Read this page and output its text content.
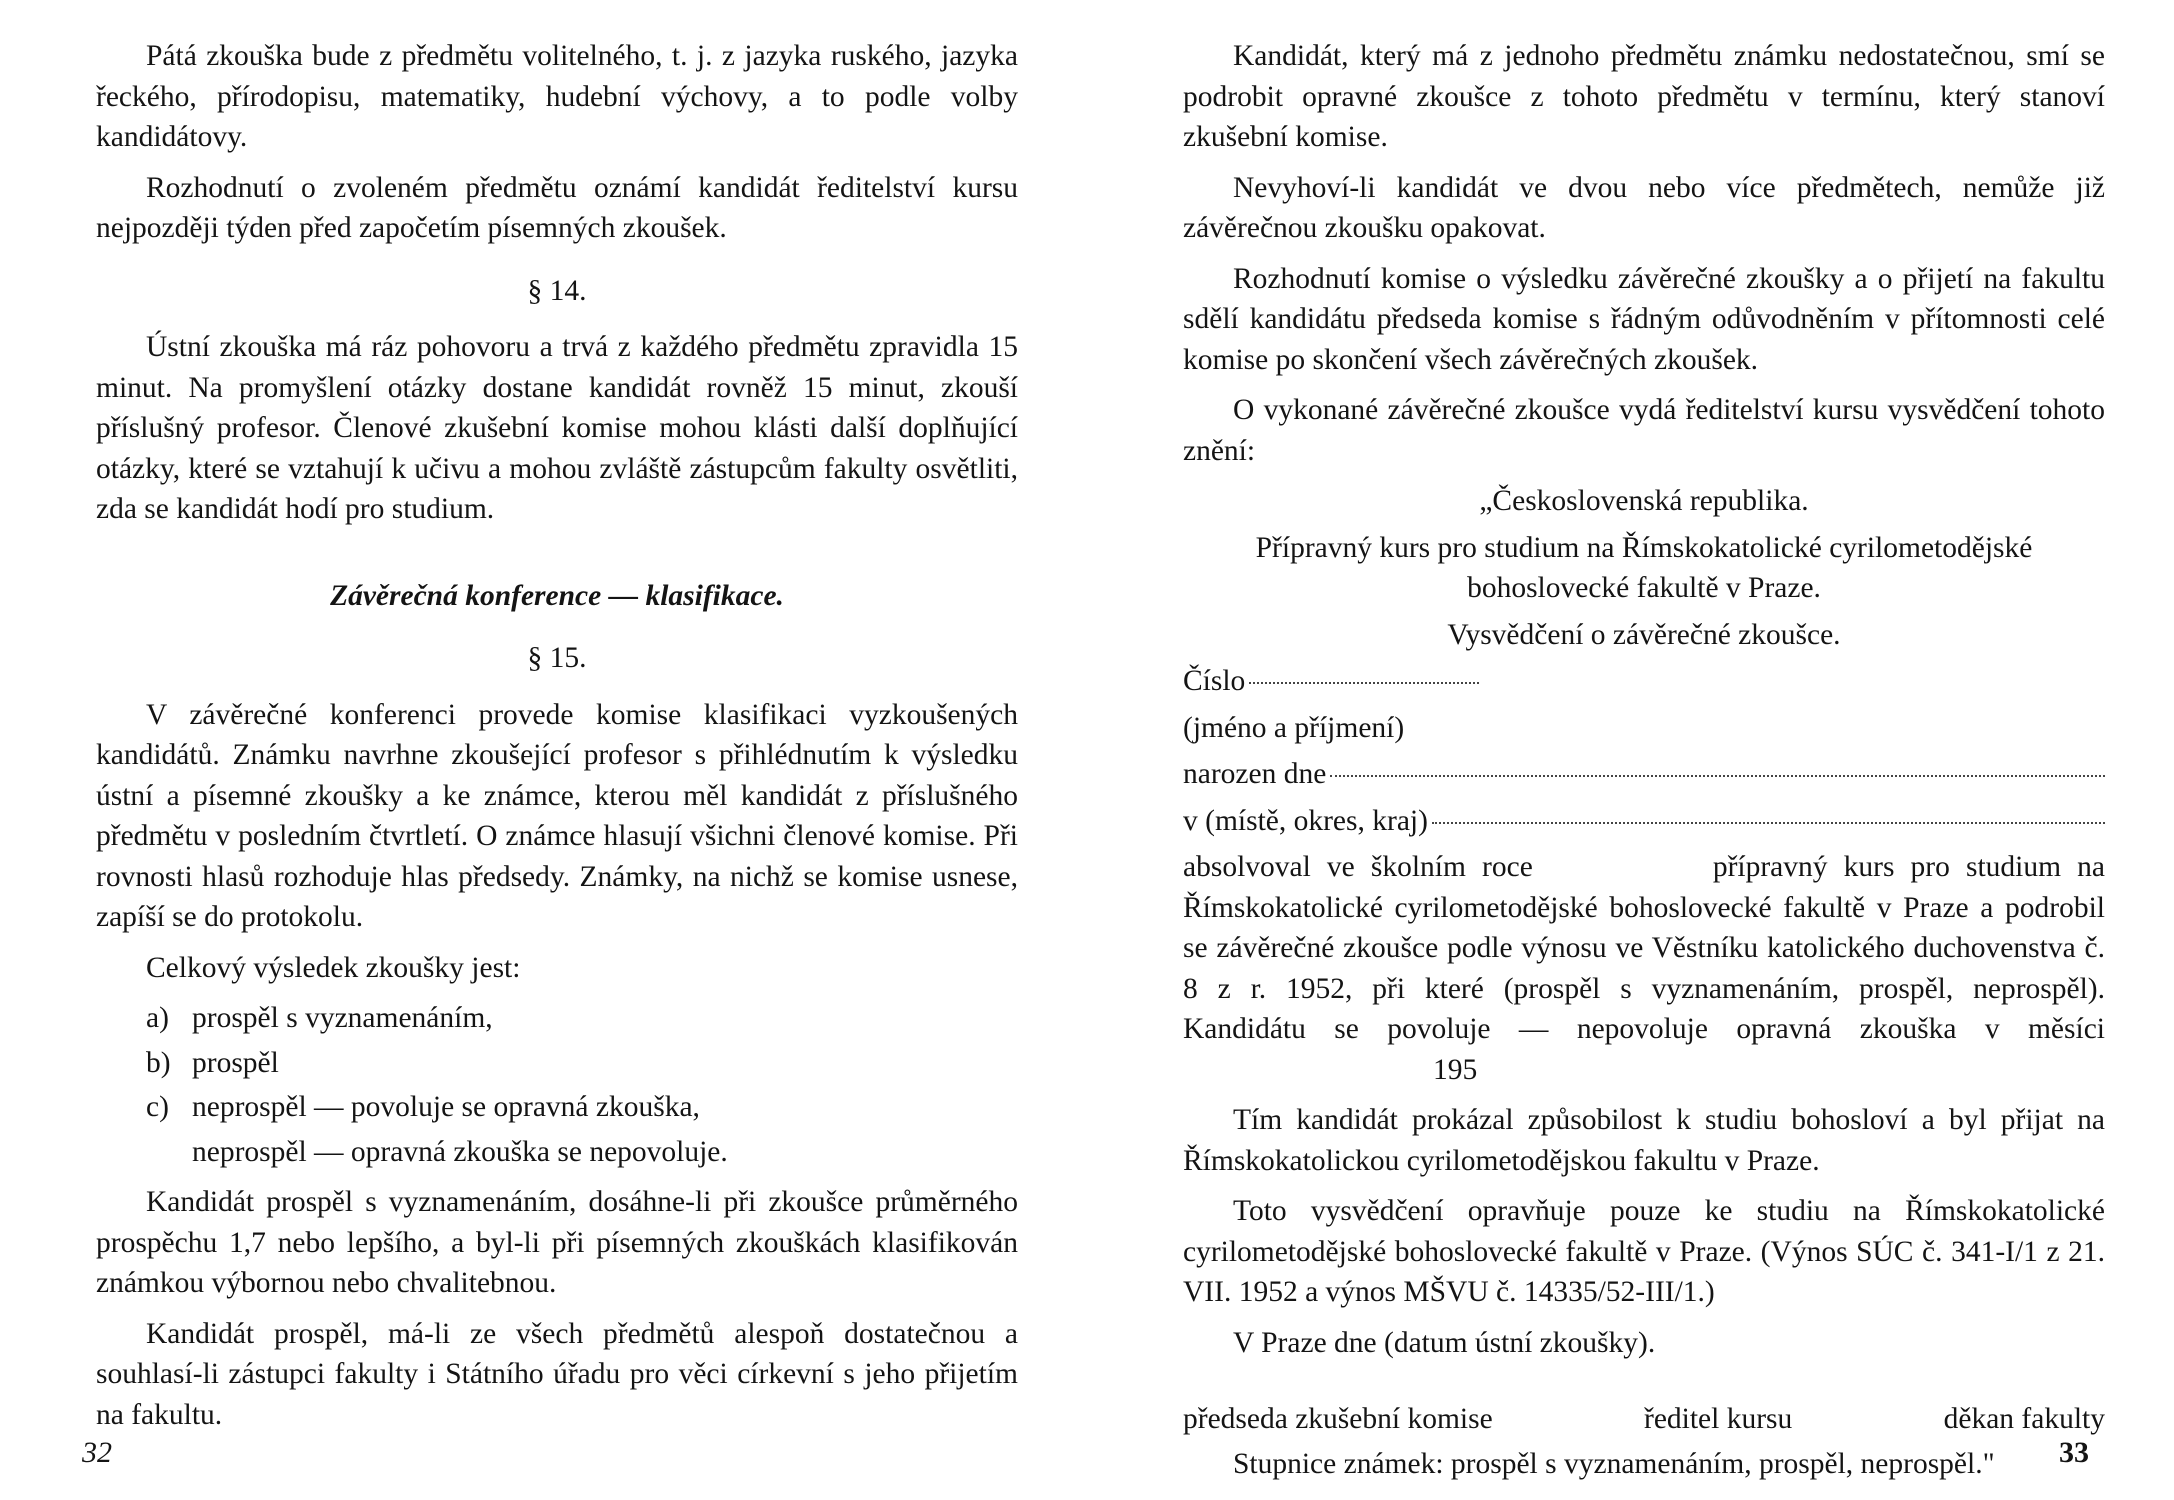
Pátá zkouška bude z předmětu volitelného, t. j. z jazyka ruského, jazyka řeckého, přírodopisu, matematiky, hudební výchovy, a to podle volby kandidátovy.

Rozhodnutí o zvoleném předmětu oznámí kandidát ředitelství kursu nejpozději týden před započetím písemných zkoušek.

§ 14.

Ústní zkouška má ráz pohovoru a trvá z každého předmětu zpravidla 15 minut. Na promyšlení otázky dostane kandidát rovněž 15 minut, zkouší příslušný profesor. Členové zkušební komise mohou klásti další doplňující otázky, které se vztahují k učivu a mohou zvláště zástupcům fakulty osvětliti, zda se kandidát hodí pro studium.

Závěrečná konference — klasifikace.

§ 15.

V závěrečné konferenci provede komise klasifikaci vyzkoušených kandidátů. Známku navrhne zkoušející profesor s přihlédnutím k výsledku ústní a písemné zkoušky a ke známce, kterou měl kandidát z příslušného předmětu v posledním čtvrtletí. O známce hlasují všichni členové komise. Při rovnosti hlasů rozhoduje hlas předsedy. Známky, na nichž se komise usnese, zapíší se do protokolu.

Celkový výsledek zkoušky jest:

a) prospěl s vyznamenáním,
b) prospěl
c) neprospěl — povoluje se opravná zkouška,
neprospěl — opravná zkouška se nepovoluje.

Kandidát prospěl s vyznamenáním, dosáhne-li při zkoušce průměrného prospěchu 1,7 nebo lepšího, a byl-li při písemných zkouškách klasifikován známkou výbornou nebo chvalitebnou.

Kandidát prospěl, má-li ze všech předmětů alespoň dostatečnou a souhlasí-li zástupci fakulty i Státního úřadu pro věci církevní s jeho přijetím na fakultu.

32

Kandidát, který má z jednoho předmětu známku nedostatečnou, smí se podrobit opravné zkoušce z tohoto předmětu v termínu, který stanoví zkušební komise.

Nevyhoví-li kandidát ve dvou nebo více předmětech, nemůže již závěrečnou zkoušku opakovat.

Rozhodnutí komise o výsledku závěrečné zkoušky a o přijetí na fakultu sdělí kandidátu předseda komise s řádným odůvodněním v přítomnosti celé komise po skončení všech závěrečných zkoušek.

O vykonané závěrečné zkoušce vydá ředitelství kursu vysvědčení tohoto znění:

„Československá republika.

Přípravný kurs pro studium na Římskokatolické cyrilometodějské bohoslovecké fakultě v Praze.

Vysvědčení o závěrečné zkoušce.

Číslo
(jméno a příjmení)
narozen dne
v (místě, okres, kraj)

absolvoval ve školním roce	přípravný kurs pro studium na Římskokatolické cyrilometodějské bohoslovecké fakultě v Praze a podrobil se závěrečné zkoušce podle výnosu ve Věstníku katolického duchovenstva č. 8 z r. 1952, při které (prospěl s vyznamenáním, prospěl, neprospěl). Kandidátu se povoluje — nepovoluje opravná zkouška v měsíci195

Tím kandidát prokázal způsobilost k studiu bohosloví a byl přijat na Římskokatolickou cyrilometodějskou fakultu v Praze.

Toto vysvědčení opravňuje pouze ke studiu na Římskokatolické cyrilometodějské bohoslovecké fakultě v Praze. (Výnos SÚC č. 341-I/1 z 21. VII. 1952 a výnos MŠVU č. 14335/52-III/1.)

V Praze dne (datum ústní zkoušky).

předseda zkušební komise	ředitel kursu	děkan fakulty

Stupnice známek: prospěl s vyznamenáním, prospěl, neprospěl."	33
